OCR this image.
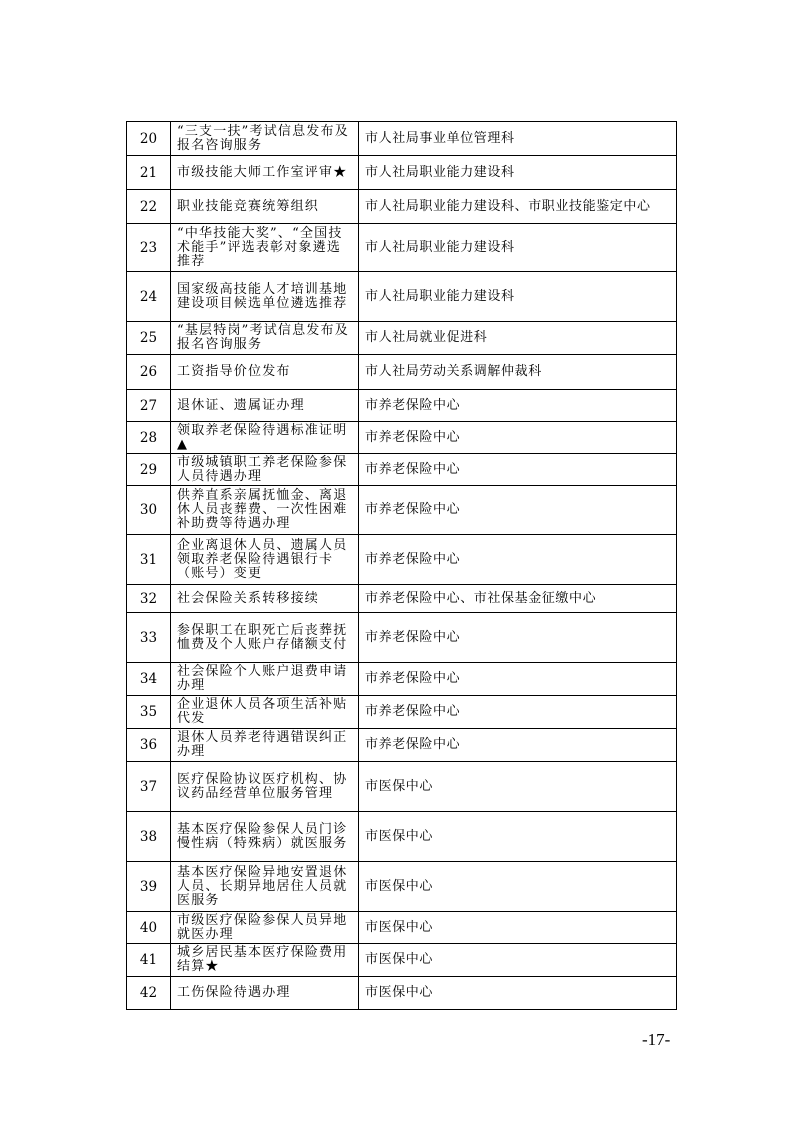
20	“三支一扶”考试信息发布及报名咨询服务	市人社局事业单位管理科
21	市级技能大师工作室评审★	市人社局职业能力建设科
22	职业技能竞赛统筹组织	市人社局职业能力建设科、市职业技能鉴定中心
23	“中华技能大奖”、“全国技术能手”评选表彰对象遴选推荐	市人社局职业能力建设科
24	国家级高技能人才培训基地建设项目候选单位遴选推荐	市人社局职业能力建设科
25	“基层特岗”考试信息发布及报名咨询服务	市人社局就业促进科
26	工资指导价位发布	市人社局劳动关系调解仲裁科
27	退休证、遗属证办理	市养老保险中心
28	领取养老保险待遇标准证明▲	市养老保险中心
29	市级城镇职工养老保险参保人员待遇办理	市养老保险中心
30	供养直系亲属抚恤金、离退休人员丧葬费、一次性困难补助费等待遇办理	市养老保险中心
31	企业离退休人员、遗属人员领取养老保险待遇银行卡（账号）变更	市养老保险中心
32	社会保险关系转移接续	市养老保险中心、市社保基金征缴中心
33	参保职工在职死亡后丧葬抚恤费及个人账户存储额支付	市养老保险中心
34	社会保险个人账户退费申请办理	市养老保险中心
35	企业退休人员各项生活补贴代发	市养老保险中心
36	退休人员养老待遇错误纠正办理	市养老保险中心
37	医疗保险协议医疗机构、协议药品经营单位服务管理	市医保中心
38	基本医疗保险参保人员门诊慢性病（特殊病）就医服务	市医保中心
39	基本医疗保险异地安置退休人员、长期异地居住人员就医服务	市医保中心
40	市级医疗保险参保人员异地就医办理	市医保中心
41	城乡居民基本医疗保险费用结算★	市医保中心
42	工伤保险待遇办理	市医保中心
-17-
